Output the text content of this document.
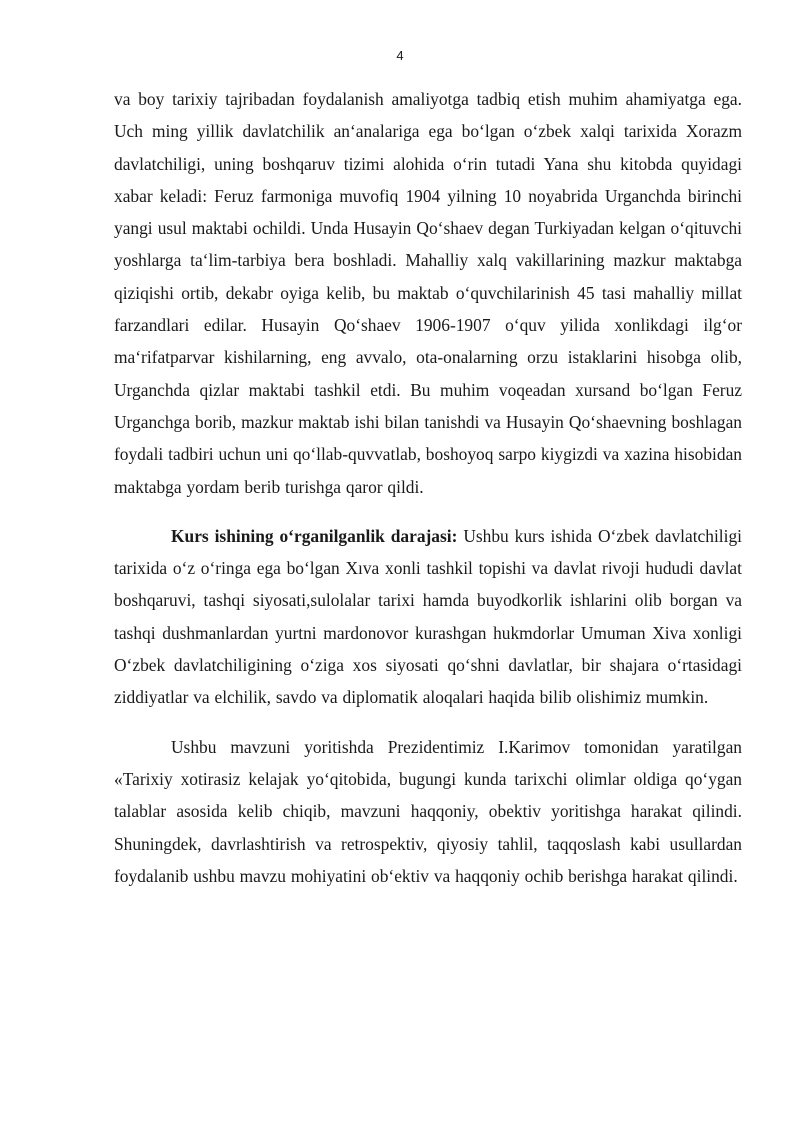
4

va boy tarixiy tajribadan foydalanish amaliyotga tadbiq etish muhim ahamiyatga ega. Uch ming yillik davlatchilik an‘analariga ega bo‘lgan o‘zbek xalqi tarixida Xorazm davlatchiligi, uning boshqaruv tizimi alohida o‘rin tutadi Yana shu kitobda quyidagi xabar keladi: Feruz farmoniga muvofiq 1904 yilning 10 noyabrida Urganchda birinchi yangi usul maktabi ochildi. Unda Husayin Qo‘shaev degan Turkiyadan kelgan o‘qituvchi yoshlarga ta‘lim-tarbiya bera boshladi. Mahalliy xalq vakillarining mazkur maktabga qiziqishi ortib, dekabr oyiga kelib, bu maktab o‘quvchilarinish 45 tasi mahalliy millat farzandlari edilar. Husayin Qo‘shaev 1906-1907 o‘quv yilida xonlikdagi ilg‘or ma‘rifatparvar kishilarning, eng avvalo, ota-onalarning orzu istaklarini hisobga olib, Urganchda qizlar maktabi tashkil etdi. Bu muhim voqeadan xursand bo‘lgan Feruz Urganchga borib, mazkur maktab ishi bilan tanishdi va Husayin Qo‘shaevning boshlagan foydali tadbiri uchun uni qo‘llab-quvvatlab, boshoyoq sarpo kiygizdi va xazina hisobidan maktabga yordam berib turishga qaror qildi.

Kurs ishining o‘rganilganlik darajasi: Ushbu kurs ishida O‘zbek davlatchiligi tarixida o‘z o‘ringa ega bo‘lgan Xıva xonli tashkil topishi va davlat rivoji hududi davlat boshqaruvi, tashqi siyosati,sulolalar tarixi hamda buyodkorlik ishlarini olib borgan va tashqi dushmanlardan yurtni mardonovor kurashgan hukmdorlar Umuman Xiva xonligi O‘zbek davlatchiligining o‘ziga xos siyosati qo‘shni davlatlar, bir shajara o‘rtasidagi ziddiyatlar va elchilik, savdo va diplomatik aloqalari haqida bilib olishimiz mumkin.

Ushbu mavzuni yoritishda Prezidentimiz I.Karimov tomonidan yaratilgan «Tarixiy xotirasiz kelajak yo‘qitobida, bugungi kunda tarixchi olimlar oldiga qo‘ygan talablar asosida kelib chiqib, mavzuni haqqoniy, obektiv yoritishga harakat qilindi. Shuningdek, davrlashtirish va retrospektiv, qiyosiy tahlil, taqqoslash kabi usullardan foydalanib ushbu mavzu mohiyatini ob‘ektiv va haqqoniy ochib berishga harakat qilindi.
